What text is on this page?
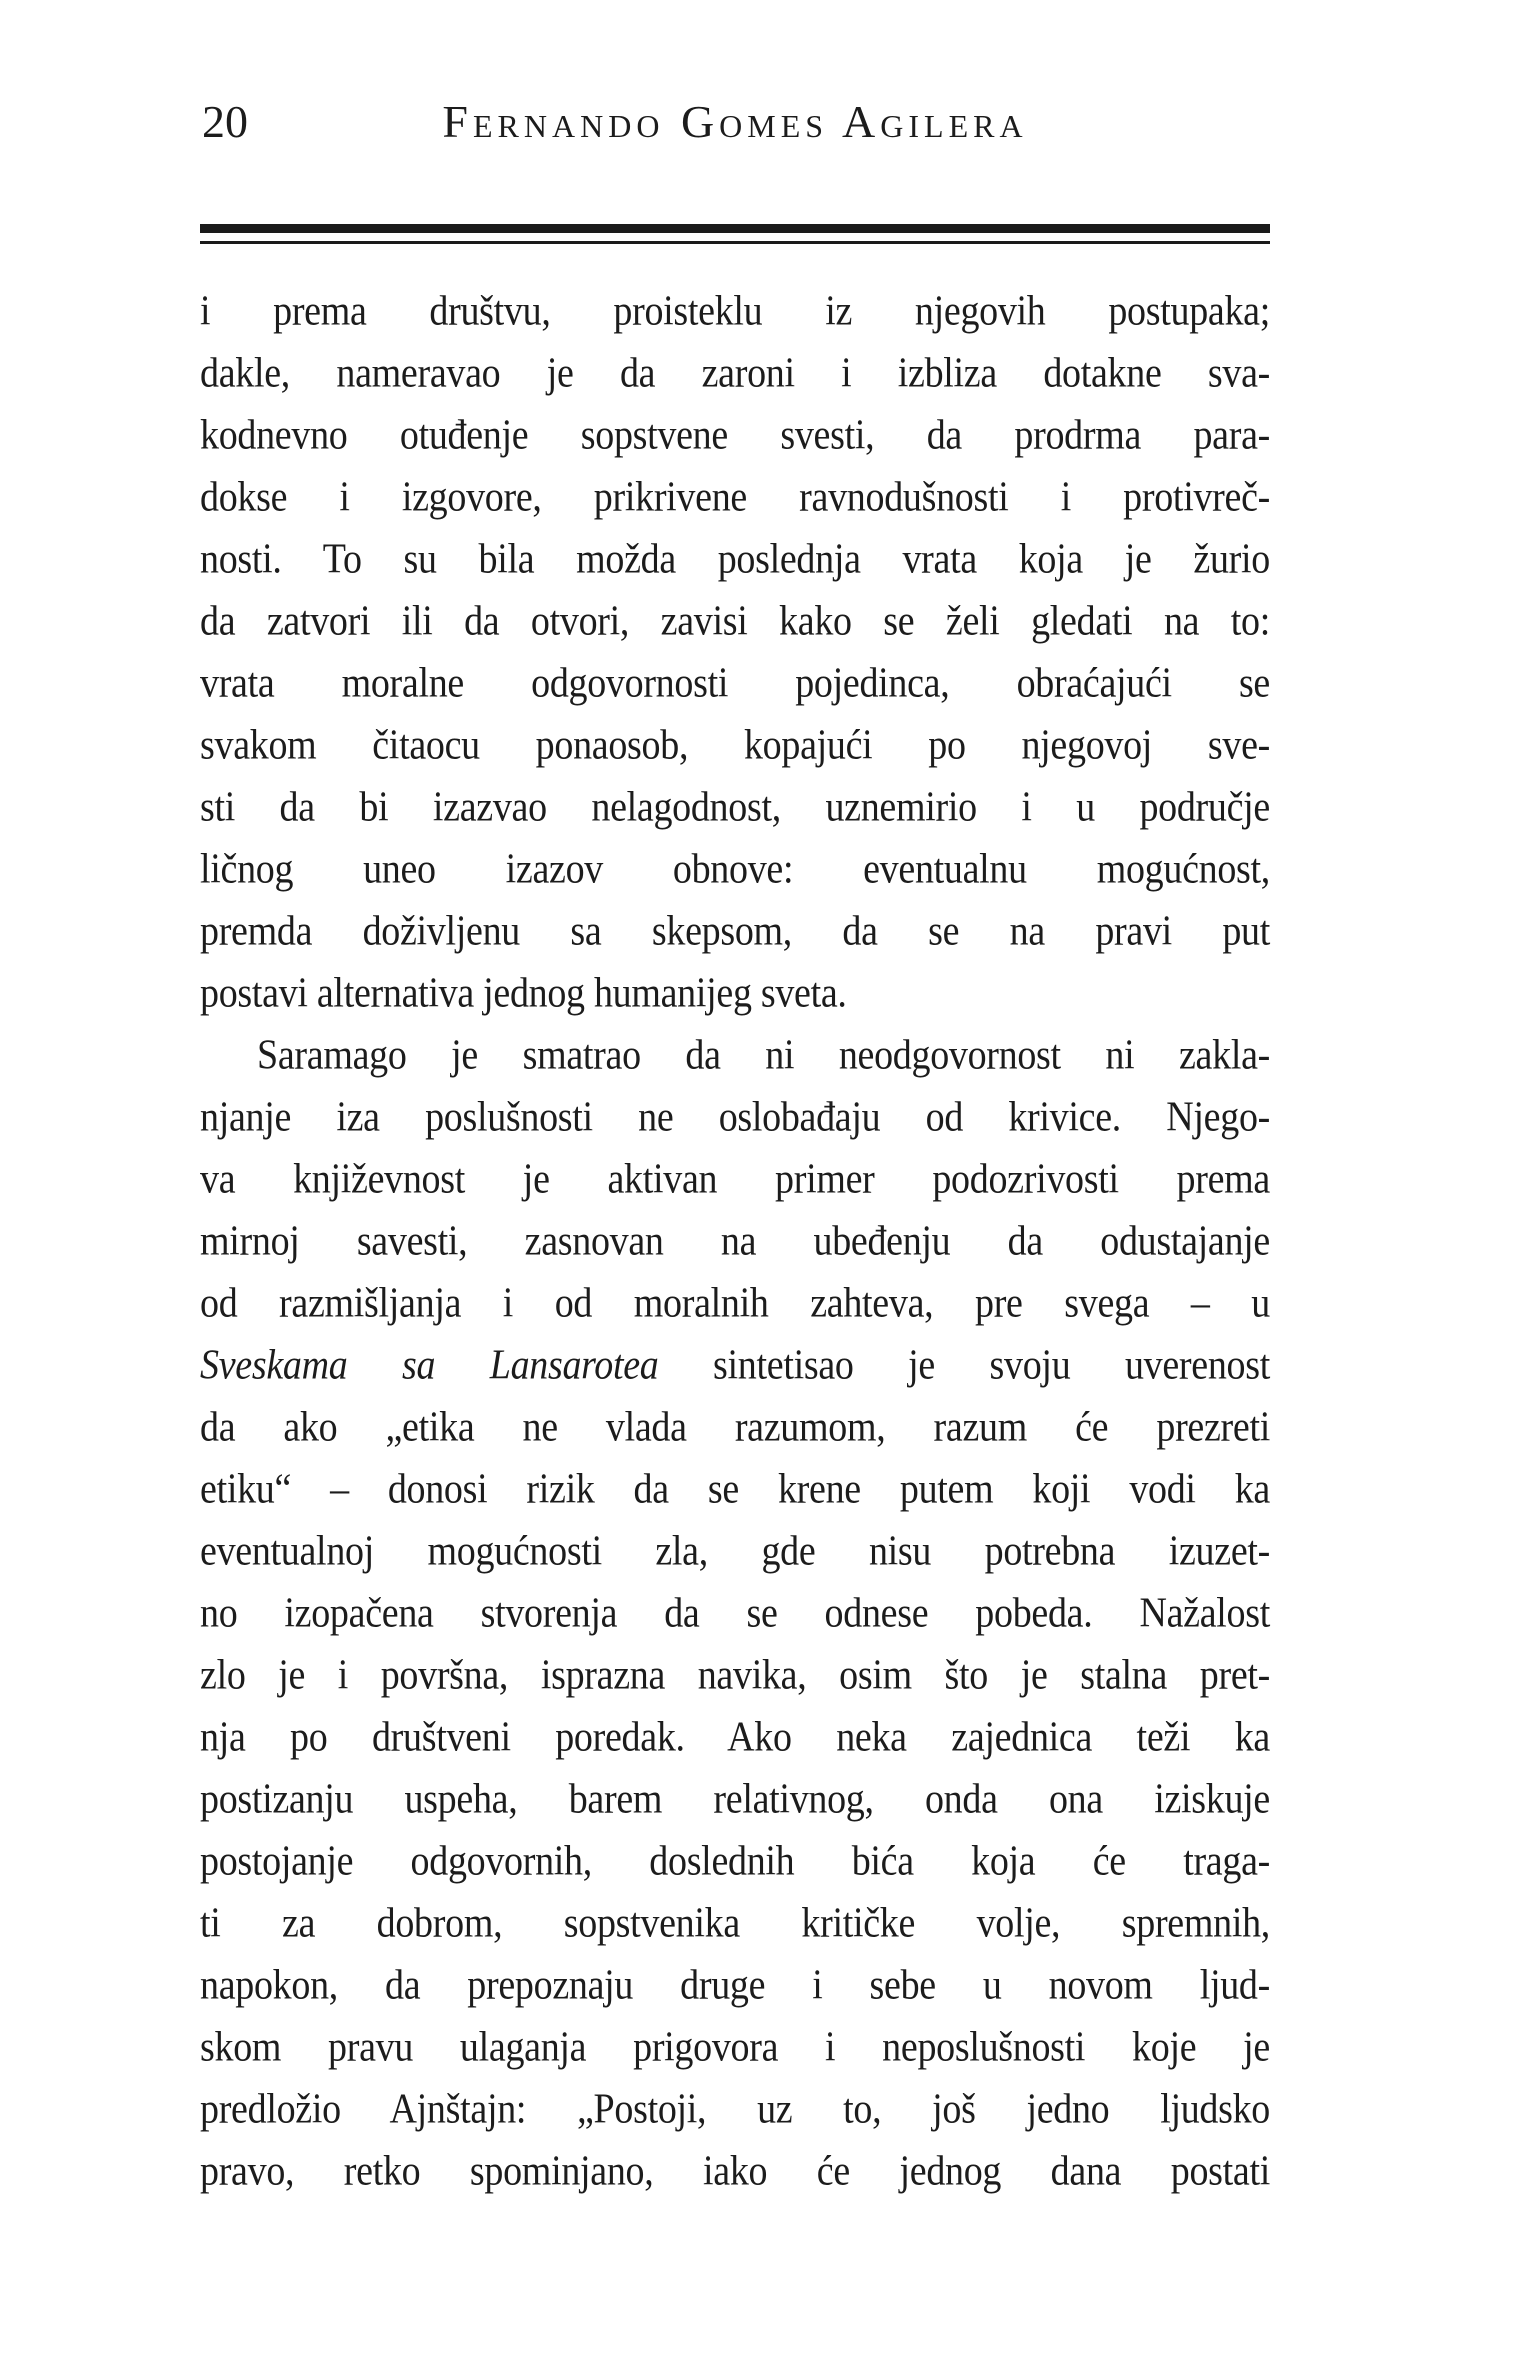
20	Fernando Gomes Agilera
i prema društvu, proisteklu iz njegovih postupaka;
dakle, nameravao je da zaroni i izbliza dotakne sva-
kodnevno otuđenje sopstvene svesti, da prodrma para-
dokse i izgovore, prikrivene ravnodušnosti i protivreč-
nosti. To su bila možda poslednja vrata koja je žurio
da zatvori ili da otvori, zavisi kako se želi gledati na to:
vrata moralne odgovornosti pojedinca, obraćajući se
svakom čitaocu ponaosob, kopajući po njegovoj sve-
sti da bi izazvao nelagodnost, uznemirio i u područje
ličnog uneo izazov obnove: eventualnu mogućnost,
premda doživljenu sa skepsom, da se na pravi put
postavi alternativa jednog humanijeg sveta.
Saramago je smatrao da ni neodgovornost ni zakla-
njanje iza poslušnosti ne oslobađaju od krivice. Njego-
va književnost je aktivan primer podozrivosti prema
mirnoj savesti, zasnovan na ubeđenju da odustajanje
od razmišljanja i od moralnih zahteva, pre svega – u
Sveskama sa Lansarotea sintetisao je svoju uverenost
da ako „etika ne vlada razumom, razum će prezreti
etiku“ – donosi rizik da se krene putem koji vodi ka
eventualnoj mogućnosti zla, gde nisu potrebna izuzet-
no izopačena stvorenja da se odnese pobeda. Nažalost
zlo je i površna, isprazna navika, osim što je stalna pret-
nja po društveni poredak. Ako neka zajednica teži ka
postizanju uspeha, barem relativnog, onda ona iziskuje
postojanje odgovornih, doslednih bića koja će traga-
ti za dobrom, sopstvenika kritičke volje, spremnih,
napokon, da prepoznaju druge i sebe u novom ljud-
skom pravu ulaganja prigovora i neposlušnosti koje je
predložio Ajnštajn: „Postoji, uz to, još jedno ljudsko
pravo, retko spominjano, iako će jednog dana postati
